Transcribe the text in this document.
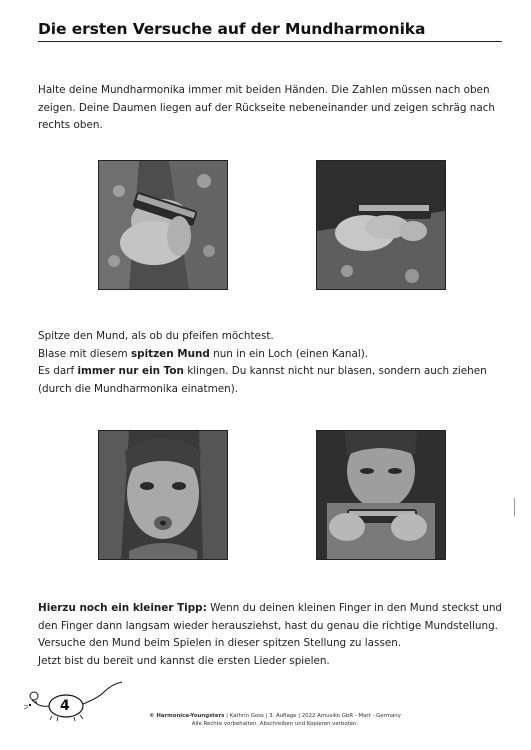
Die ersten Versuche auf der Mundharmonika

Halte deine Mundharmonika immer mit beiden Händen. Die Zahlen müssen nach oben zeigen. Deine Daumen liegen auf der Rückseite nebeneinander und zeigen schräg nach rechts oben.

Spitze den Mund, als ob du pfeifen möchtest.

Blase mit diesem spitzen Mund nun in ein Loch (einen Kanal).

Es darf immer nur ein Ton klingen. Du kannst nicht nur blasen, sondern auch ziehen (durch die Mundharmonika einatmen).

Hierzu noch ein kleiner Tipp: Wenn du deinen kleinen Finger in den Mund steckst und den Finger dann langsam wieder herausziehst, hast du genau die richtige Mundstellung.

Versuche den Mund beim Spielen in dieser spitzen Stellung zu lassen.

Jetzt bist du bereit und kannst die ersten Lieder spielen.

4
© Harmonica-Youngsters | Kathrin Goss | 3. Auflage | 2022 Amusiko GbR - Mart - Germany
Alle Rechte vorbehalten. Abschreiben und Kopieren verboten.
